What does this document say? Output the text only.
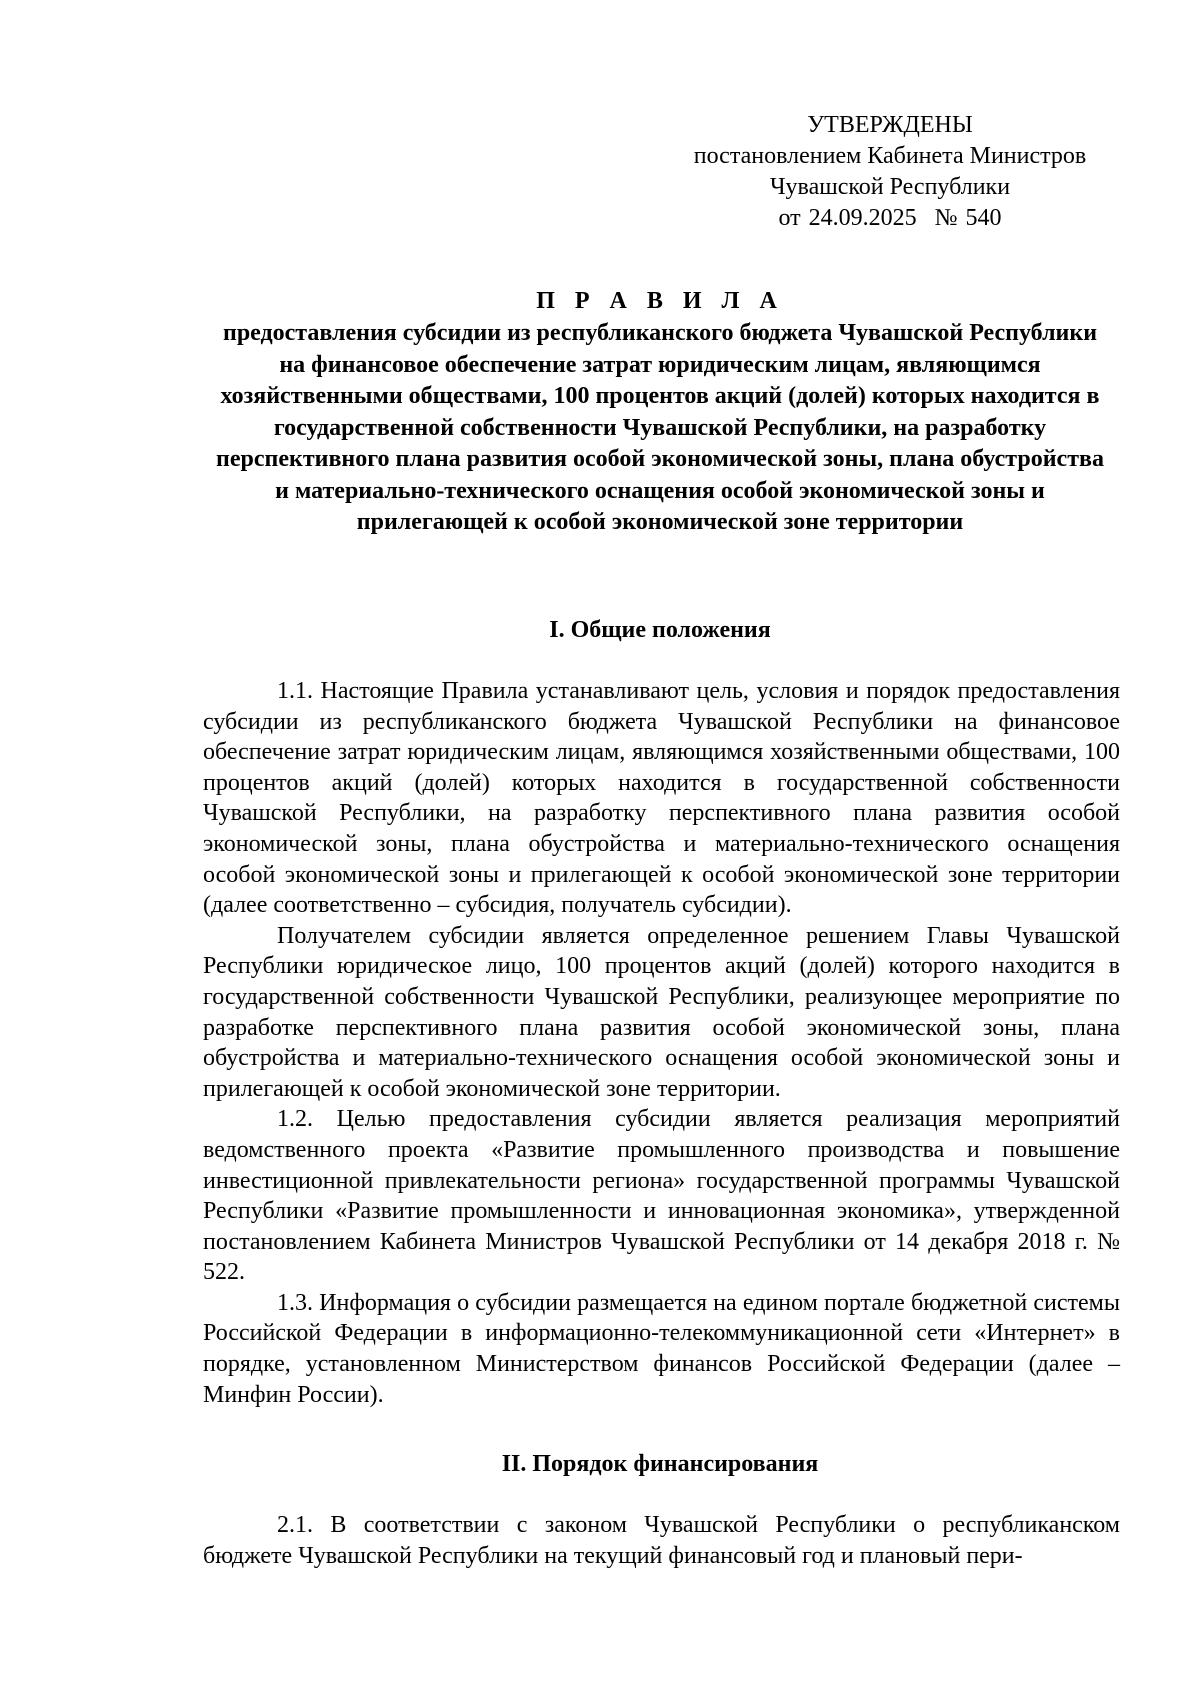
УТВЕРЖДЕНЫ
постановлением Кабинета Министров
Чувашской Республики
от 24.09.2025 № 540
П Р А В И Л А
предоставления субсидии из республиканского бюджета Чувашской Республики на финансовое обеспечение затрат юридическим лицам, являющимся хозяйственными обществами, 100 процентов акций (долей) которых находится в государственной собственности Чувашской Республики, на разработку перспективного плана развития особой экономической зоны, плана обустройства и материально-технического оснащения особой экономической зоны и прилегающей к особой экономической зоне территории
I. Общие положения

1.1. Настоящие Правила устанавливают цель, условия и порядок предоставления субсидии из республиканского бюджета Чувашской Республики на финансовое обеспечение затрат юридическим лицам, являющимся хозяйственными обществами, 100 процентов акций (долей) которых находится в государственной собственности Чувашской Республики, на разработку перспективного плана развития особой экономической зоны, плана обустройства и материально-технического оснащения особой экономической зоны и прилегающей к особой экономической зоне территории (далее соответственно – субсидия, получатель субсидии).

Получателем субсидии является определенное решением Главы Чувашской Республики юридическое лицо, 100 процентов акций (долей) которого находится в государственной собственности Чувашской Республики, реализующее мероприятие по разработке перспективного плана развития особой экономической зоны, плана обустройства и материально-технического оснащения особой экономической зоны и прилегающей к особой экономической зоне территории.

1.2. Целью предоставления субсидии является реализация мероприятий ведомственного проекта «Развитие промышленного производства и повышение инвестиционной привлекательности региона» государственной программы Чувашской Республики «Развитие промышленности и инновационная экономика», утвержденной постановлением Кабинета Министров Чувашской Республики от 14 декабря 2018 г. № 522.

1.3. Информация о субсидии размещается на едином портале бюджетной системы Российской Федерации в информационно-телекоммуникационной сети «Интернет» в порядке, установленном Министерством финансов Российской Федерации (далее – Минфин России).

II. Порядок финансирования

2.1. В соответствии с законом Чувашской Республики о республиканском бюджете Чувашской Республики на текущий финансовый год и плановый пери-
